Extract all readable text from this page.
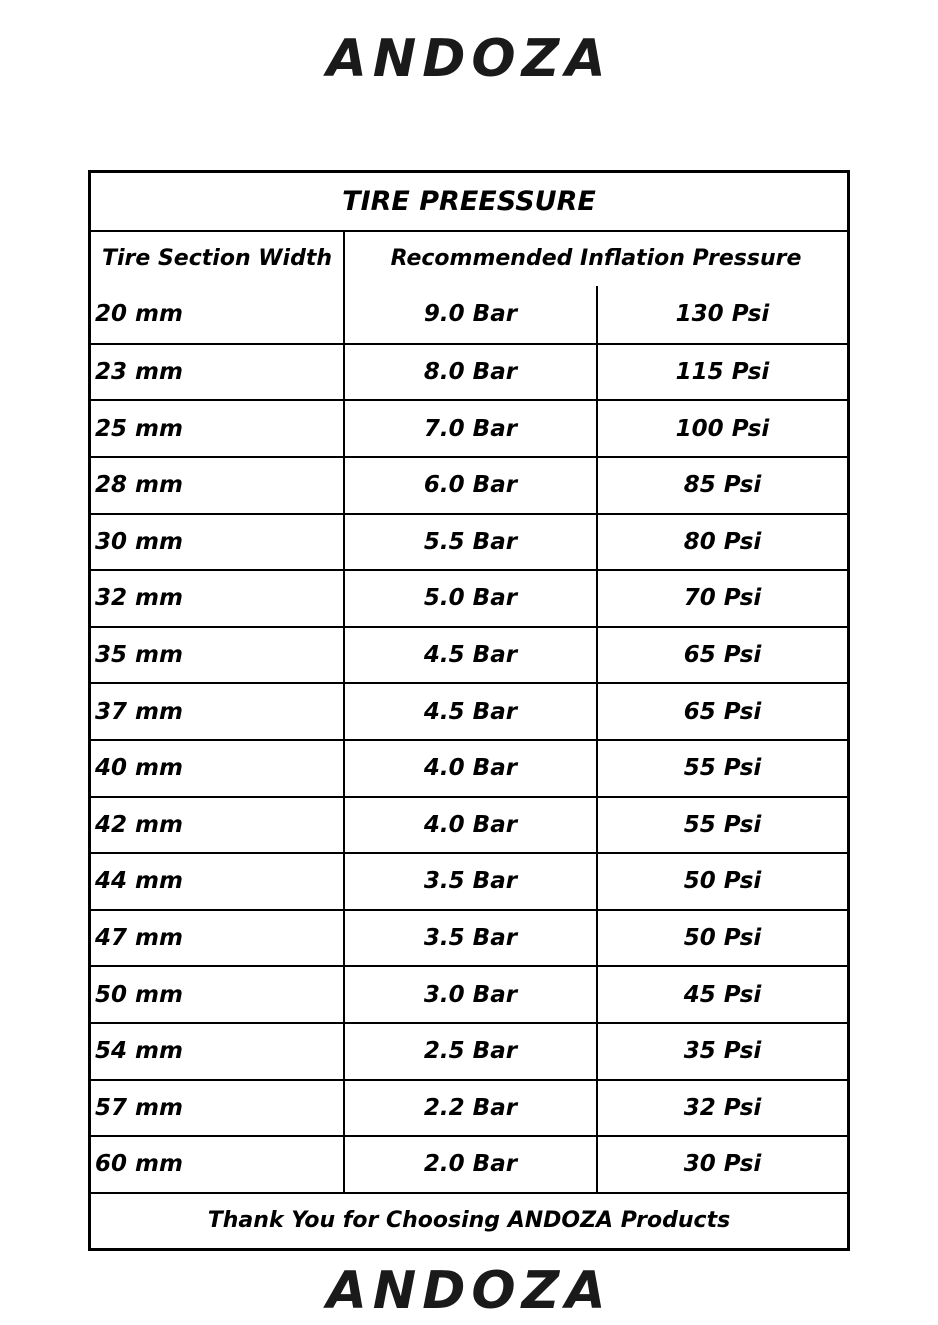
ANDOZA
TIRE PREESSURE
Tire Section Width	Recommended Inflation Pressure
20 mm	9.0 Bar	130 Psi
23 mm	8.0 Bar	115 Psi
25 mm	7.0 Bar	100 Psi
28 mm	6.0 Bar	85 Psi
30 mm	5.5 Bar	80 Psi
32 mm	5.0 Bar	70 Psi
35 mm	4.5 Bar	65 Psi
37 mm	4.5 Bar	65 Psi
40 mm	4.0 Bar	55 Psi
42 mm	4.0 Bar	55 Psi
44 mm	3.5 Bar	50 Psi
47 mm	3.5 Bar	50 Psi
50 mm	3.0 Bar	45 Psi
54 mm	2.5 Bar	35 Psi
57 mm	2.2 Bar	32 Psi
60 mm	2.0 Bar	30 Psi
Thank You for Choosing ANDOZA Products
ANDOZA
